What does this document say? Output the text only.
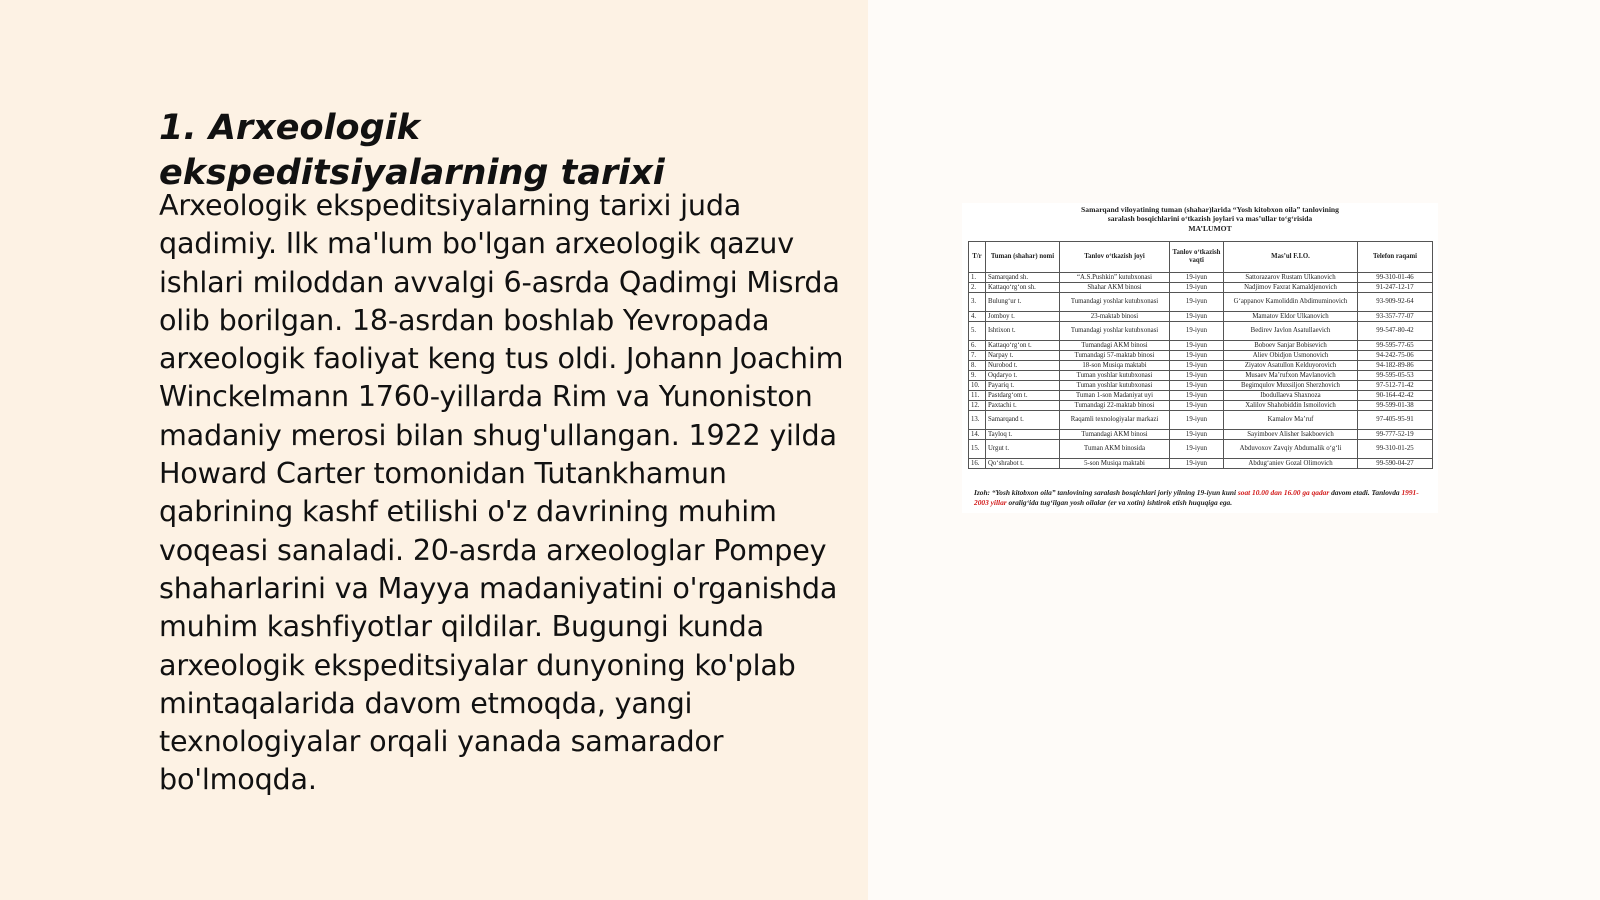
1. Arxeologik ekspeditsiyalarning tarixi

Arxeologik ekspeditsiyalarning tarixi juda qadimiy. Ilk ma'lum bo'lgan arxeologik qazuv ishlari miloddan avvalgi 6-asrda Qadimgi Misrda olib borilgan. 18-asrdan boshlab Yevropada arxeologik faoliyat keng tus oldi. Johann Joachim Winckelmann 1760-yillarda Rim va Yunoniston madaniy merosi bilan shug'ullangan. 1922 yilda Howard Carter tomonidan Tutankhamun qabrining kashf etilishi o'z davrining muhim voqeasi sanaladi. 20-asrda arxeologlar Pompey shaharlarini va Mayya madaniyatini o'rganishda muhim kashfiyotlar qildilar. Bugungi kunda arxeologik ekspeditsiyalar dunyoning ko'plab mintaqalarida davom etmoqda, yangi texnologiyalar orqali yanada samarador bo'lmoqda.

Samarqand viloyatining tuman (shahar)larida “Yosh kitobxon oila” tanlovining
saralash bosqichlarini o‘tkazish joylari va mas’ullar to‘g‘risida
MA’LUMOT
T/r	Tuman (shahar) nomi	Tanlov o‘tkazish joyi	Tanlov o‘tkazish vaqti	Mas’ul F.I.O.	Telefon raqami
1.	Samarqand sh.	“A.S.Pushkin” kutubxonasi	19-iyun	Sattorazarov Rustam Ulkanovich	99-310-01-46
2.	Kattaqo‘rg‘on sh.	Shahar AKM binosi	19-iyun	Nadjimov Faxrat Kamaldjenovich	91-247-12-17
3.	Bulung‘ur t.	Tumandagi yoshlar kutubxonasi	19-iyun	G‘appanov Kamoliddin Abdimuminovich	93-909-92-64
4.	Jomboy t.	23-maktab binosi	19-iyun	Mamatov Eldor Ulkanovich	93-357-77-07
5.	Ishtixon t.	Tumandagi yoshlar kutubxonasi	19-iyun	Bedirev Javlon Asatullaevich	99-547-80-42
6.	Kattaqo‘rg‘on t.	Tumandagi AKM binosi	19-iyun	Boboev Sanjar Bobisevich	99-595-77-65
7.	Narpay t.	Tumandagi 57-maktab binosi	19-iyun	Aliev Obidjon Usmonovich	94-242-75-06
8.	Nurobod t.	18-son Musiqa maktabi	19-iyun	Ziyatov Asatullon Kelduyorovich	94-182-89-86
9.	Oqdaryo t.	Tuman yoshlar kutubxonasi	19-iyun	Musaev Ma’rufxon Mavlanovich	99-595-05-53
10.	Payariq t.	Tuman yoshlar kutubxonasi	19-iyun	Begimqulov Muxsiljon Sherzhovich	97-512-71-42
11.	Pastdarg‘om t.	Tuman 1-son Madaniyat uyi	19-iyun	Ibodullaeva Shaxnoza	90-164-42-42
12.	Paxtachi t.	Tumandagi 22-maktab binosi	19-iyun	Xalilov Shahobiddin Ismoilovich	99-599-01-38
13.	Samarqand t.	Raqamli texnologiyalar markazi	19-iyun	Kamalov Ma’ruf	97-405-95-91
14.	Tayloq t.	Tumandagi AKM binosi	19-iyun	Sayimboev Alisher Isakboevich	99-777-52-19
15.	Urgut t.	Tuman AKM binosida	19-iyun	Abduvoxov Zavqiy Abdumalik o‘g‘li	99-310-01-25
16.	Qo‘shrabot t.	5-son Musiqa maktabi	19-iyun	Abdug‘aniev Gozal Olimovich	99-590-04-27
Izoh: “Yosh kitobxon oila” tanlovining saralash bosqichlari joriy yilning 19-iyun kuni soat 10.00 dan 16.00 ga qadar davom etadi. Tanlovda 1991-2003 yillar oralig‘ida tug‘ilgan yosh oilalar (er va xotin) ishtirok etish huquqiga ega.
